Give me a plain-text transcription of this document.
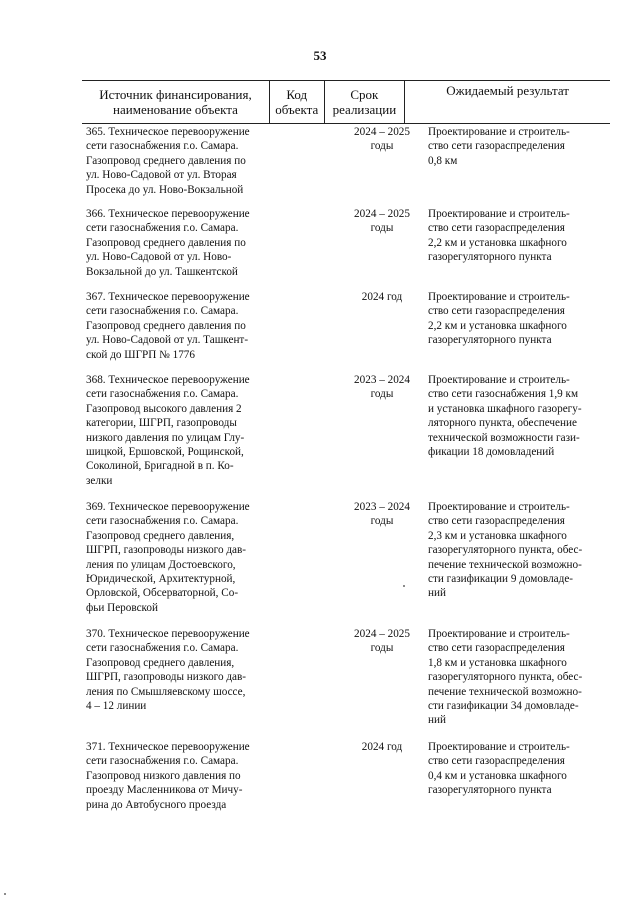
53
Источник финансирования,
наименование объекта
Код
объекта
Срок
реализации
Ожидаемый результат
365. Техническое перевооружение
сети газоснабжения г.о. Самара.
Газопровод среднего давления по
ул. Ново-Садовой от ул. Вторая
Просека до ул. Ново-Вокзальной
2024 – 2025
годы
Проектирование и строитель-
ство сети газораспределения
0,8 км
366. Техническое перевооружение
сети газоснабжения г.о. Самара.
Газопровод среднего давления по
ул. Ново-Садовой от ул. Ново-
Вокзальной до ул. Ташкентской
2024 – 2025
годы
Проектирование и строитель-
ство сети газораспределения
2,2 км и установка шкафного
газорегуляторного пункта
367. Техническое перевооружение
сети газоснабжения г.о. Самара.
Газопровод среднего давления по
ул. Ново-Садовой от ул. Ташкент-
ской до ШГРП № 1776
2024 год	Проектирование и строитель-
ство сети газораспределения
2,2 км и установка шкафного
газорегуляторного пункта
368. Техническое перевооружение
сети газоснабжения г.о. Самара.
Газопровод высокого давления 2
категории, ШГРП, газопроводы
низкого давления по улицам Глу-
шицкой, Ершовской, Рощинской,
Соколиной, Бригадной в п. Ко-
зелки
2023 – 2024
годы
Проектирование и строитель-
ство сети газоснабжения 1,9 км
и установка шкафного газорегу-
ляторного пункта, обеспечение
технической возможности гази-
фикации 18 домовладений
369. Техническое перевооружение
сети газоснабжения г.о. Самара.
Газопровод среднего давления,
ШГРП, газопроводы низкого дав-
ления по улицам Достоевского,
Юридической, Архитектурной,
Орловской, Обсерваторной, Со-
фьи Перовской
2023 – 2024
годы
Проектирование и строитель-
ство сети газораспределения
2,3 км и установка шкафного
газорегуляторного пункта, обес-
печение технической возможно-
сти газификации 9 домовладе-
ний
370. Техническое перевооружение
сети газоснабжения г.о. Самара.
Газопровод среднего давления,
ШГРП, газопроводы низкого дав-
ления по Смышляевскому шоссе,
4 – 12 линии
2024 – 2025
годы
Проектирование и строитель-
ство сети газораспределения
1,8 км и установка шкафного
газорегуляторного пункта, обес-
печение технической возможно-
сти газификации 34 домовладе-
ний
371. Техническое перевооружение
сети газоснабжения г.о. Самара.
Газопровод низкого давления по
проезду Масленникова от Мичу-
рина до Автобусного проезда
2024 год	Проектирование и строитель-
ство сети газораспределения
0,4 км и установка шкафного
газорегуляторного пункта
